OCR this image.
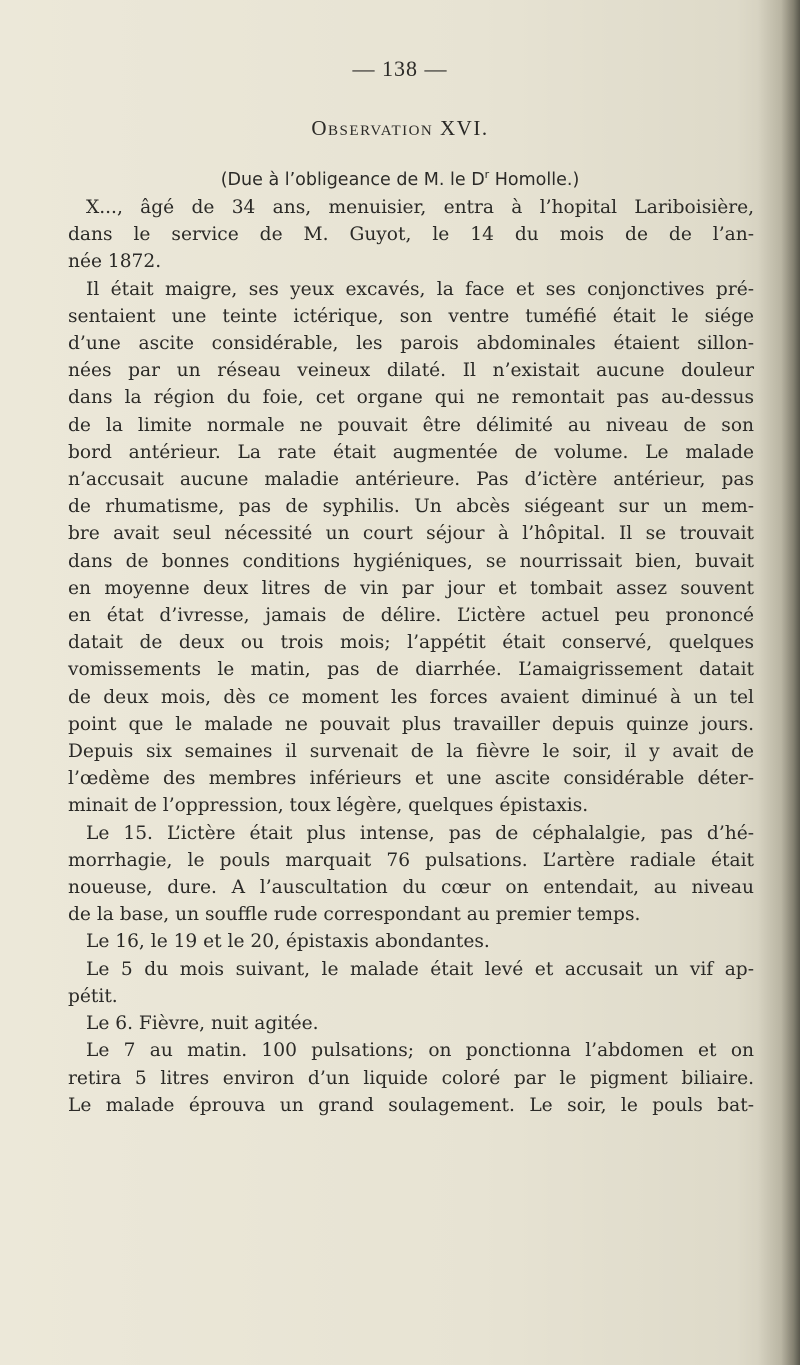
— 138 —
Observation XVI.
(Due à l’obligeance de M. le $D^r$ Homolle.)
X..., âgé de 34 ans, menuisier, entra à l’hopital Lariboisière,
dans le service de M. Guyot, le 14 du mois de de l’an-
née 1872.
Il était maigre, ses yeux excavés, la face et ses conjonctives pré-
sentaient une teinte ictérique, son ventre tuméfié était le siége
d’une ascite considérable, les parois abdominales étaient sillon-
nées par un réseau veineux dilaté. Il n’existait aucune douleur
dans la région du foie, cet organe qui ne remontait pas au-dessus
de la limite normale ne pouvait être délimité au niveau de son
bord antérieur. La rate était augmentée de volume. Le malade
n’accusait aucune maladie antérieure. Pas d’ictère antérieur, pas
de rhumatisme, pas de syphilis. Un abcès siégeant sur un mem-
bre avait seul nécessité un court séjour à l’hôpital. Il se trouvait
dans de bonnes conditions hygiéniques, se nourrissait bien, buvait
en moyenne deux litres de vin par jour et tombait assez souvent
en état d’ivresse, jamais de délire. L’ictère actuel peu prononcé
datait de deux ou trois mois; l’appétit était conservé, quelques
vomissements le matin, pas de diarrhée. L’amaigrissement datait
de deux mois, dès ce moment les forces avaient diminué à un tel
point que le malade ne pouvait plus travailler depuis quinze jours.
Depuis six semaines il survenait de la fièvre le soir, il y avait de
l’œdème des membres inférieurs et une ascite considérable déter-
minait de l’oppression, toux légère, quelques épistaxis.
Le 15. L’ictère était plus intense, pas de céphalalgie, pas d’hé-
morrhagie, le pouls marquait 76 pulsations. L’artère radiale était
noueuse, dure. A l’auscultation du cœur on entendait, au niveau
de la base, un souffle rude correspondant au premier temps.
Le 16, le 19 et le 20, épistaxis abondantes.
Le 5 du mois suivant, le malade était levé et accusait un vif ap-
pétit.
Le 6. Fièvre, nuit agitée.
Le 7 au matin. 100 pulsations; on ponctionna l’abdomen et on
retira 5 litres environ d’un liquide coloré par le pigment biliaire.
Le malade éprouva un grand soulagement. Le soir, le pouls bat-
